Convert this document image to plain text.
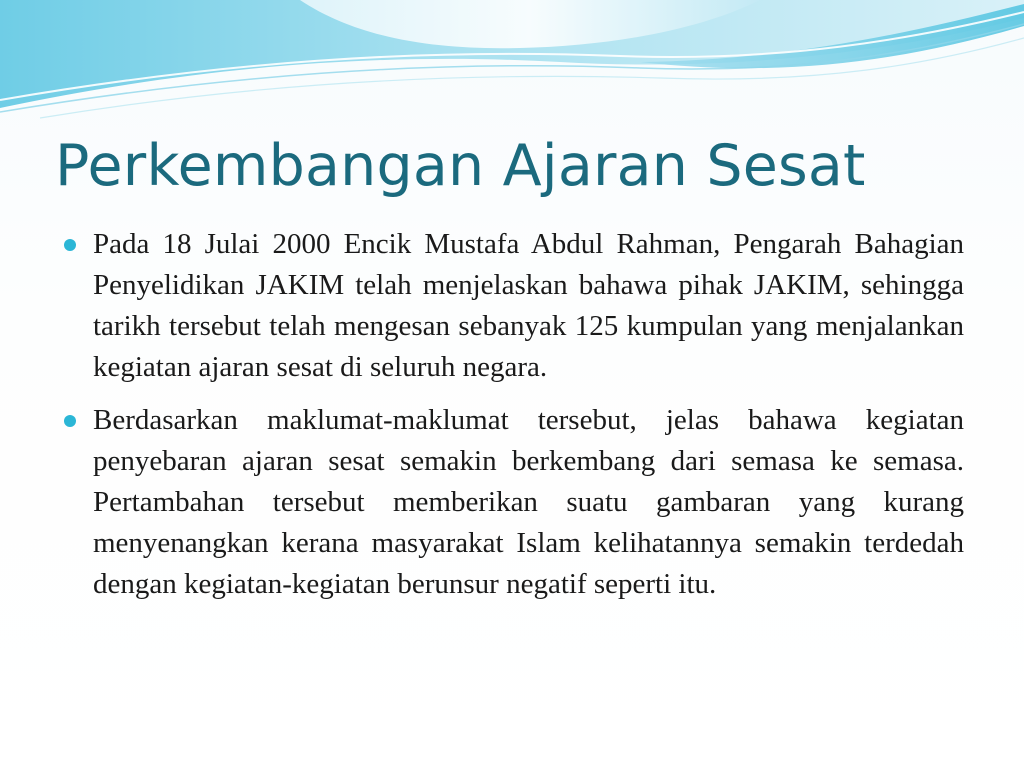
Perkembangan Ajaran Sesat
Pada 18 Julai 2000 Encik Mustafa Abdul Rahman, Pengarah Bahagian Penyelidikan JAKIM telah menjelaskan bahawa pihak JAKIM, sehingga tarikh tersebut telah mengesan sebanyak 125 kumpulan yang menjalankan kegiatan ajaran sesat di seluruh negara.
Berdasarkan maklumat-maklumat tersebut, jelas bahawa kegiatan penyebaran ajaran sesat semakin berkembang dari semasa ke semasa. Pertambahan tersebut memberikan suatu gambaran yang kurang menyenangkan kerana masyarakat Islam kelihatannya semakin terdedah dengan kegiatan-kegiatan berunsur negatif seperti itu.
